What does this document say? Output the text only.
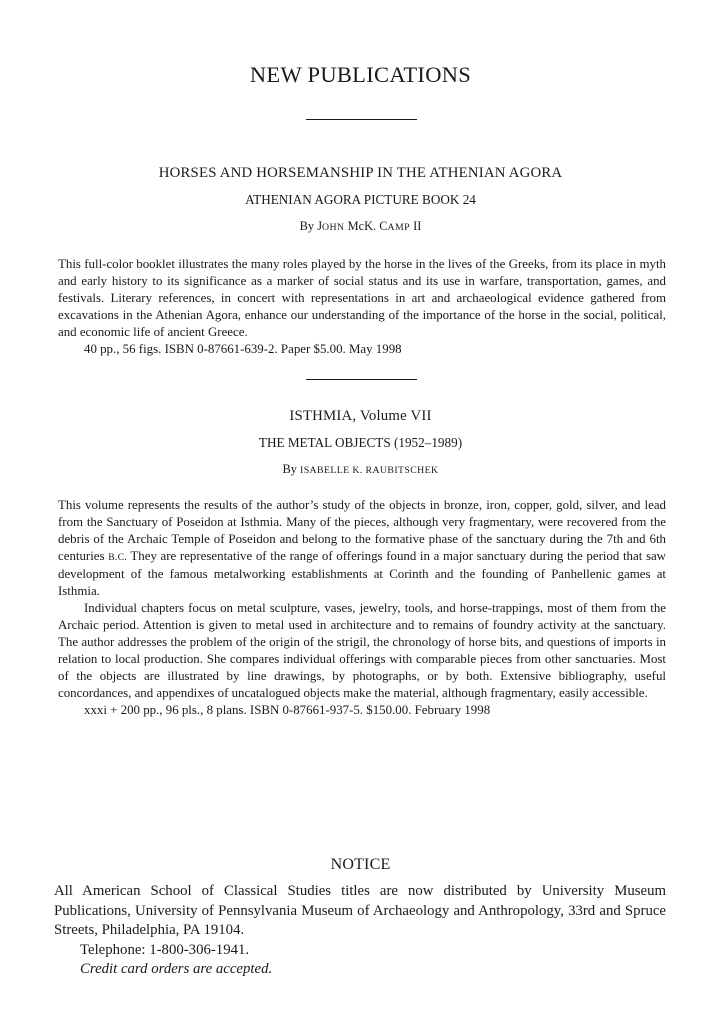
NEW PUBLICATIONS
HORSES AND HORSEMANSHIP IN THE ATHENIAN AGORA
ATHENIAN AGORA PICTURE BOOK 24
By JOHN McK. CAMP II

This full-color booklet illustrates the many roles played by the horse in the lives of the Greeks, from its place in myth and early history to its significance as a marker of social status and its use in warfare, transportation, games, and festivals. Literary references, in concert with representations in art and archaeological evidence gathered from excavations in the Athenian Agora, enhance our understanding of the importance of the horse in the social, political, and economic life of ancient Greece.

40 pp., 56 figs. ISBN 0-87661-639-2. Paper $5.00. May 1998

ISTHMIA, Volume VII
THE METAL OBJECTS (1952–1989)
By ISABELLE K. RAUBITSCHEK

This volume represents the results of the author’s study of the objects in bronze, iron, copper, gold, silver, and lead from the Sanctuary of Poseidon at Isthmia. Many of the pieces, although very fragmentary, were recovered from the debris of the Archaic Temple of Poseidon and belong to the formative phase of the sanctuary during the 7th and 6th centuries B.C. They are representative of the range of offerings found in a major sanctuary during the period that saw development of the famous metalworking establishments at Corinth and the founding of Panhellenic games at Isthmia.

Individual chapters focus on metal sculpture, vases, jewelry, tools, and horse-trappings, most of them from the Archaic period. Attention is given to metal used in architecture and to remains of foundry activity at the sanctuary. The author addresses the problem of the origin of the strigil, the chronology of horse bits, and questions of imports in relation to local production. She compares individual offerings with comparable pieces from other sanctuaries. Most of the objects are illustrated by line drawings, by photographs, or by both. Extensive bibliography, useful concordances, and appendixes of uncatalogued objects make the material, although fragmentary, easily accessible.

xxxi + 200 pp., 96 pls., 8 plans. ISBN 0-87661-937-5. $150.00. February 1998

NOTICE

All American School of Classical Studies titles are now distributed by University Museum Publications, University of Pennsylvania Museum of Archaeology and Anthropology, 33rd and Spruce Streets, Philadelphia, PA 19104.

Telephone: 1-800-306-1941.

Credit card orders are accepted.
